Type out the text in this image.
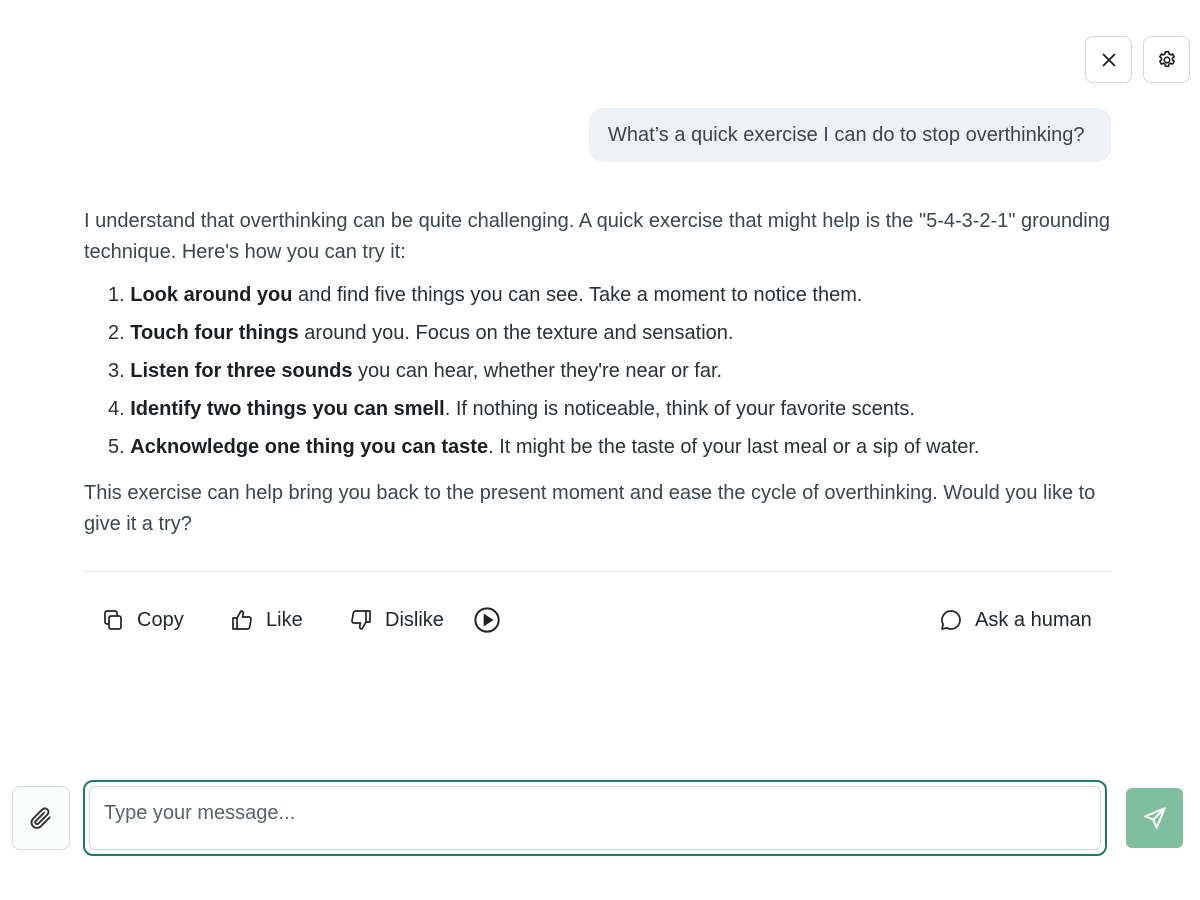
What’s a quick exercise I can do to stop overthinking?

I understand that overthinking can be quite challenging. A quick exercise that might help is the "5-4-3-2-1" grounding technique. Here's how you can try it:

1. Look around you and find five things you can see. Take a moment to notice them.
2. Touch four things around you. Focus on the texture and sensation.
3. Listen for three sounds you can hear, whether they're near or far.
4. Identify two things you can smell. If nothing is noticeable, think of your favorite scents.
5. Acknowledge one thing you can taste. It might be the taste of your last meal or a sip of water.

This exercise can help bring you back to the present moment and ease the cycle of overthinking. Would you like to give it a try?

Copy	Like	Dislike	Ask a human
Type your message...
